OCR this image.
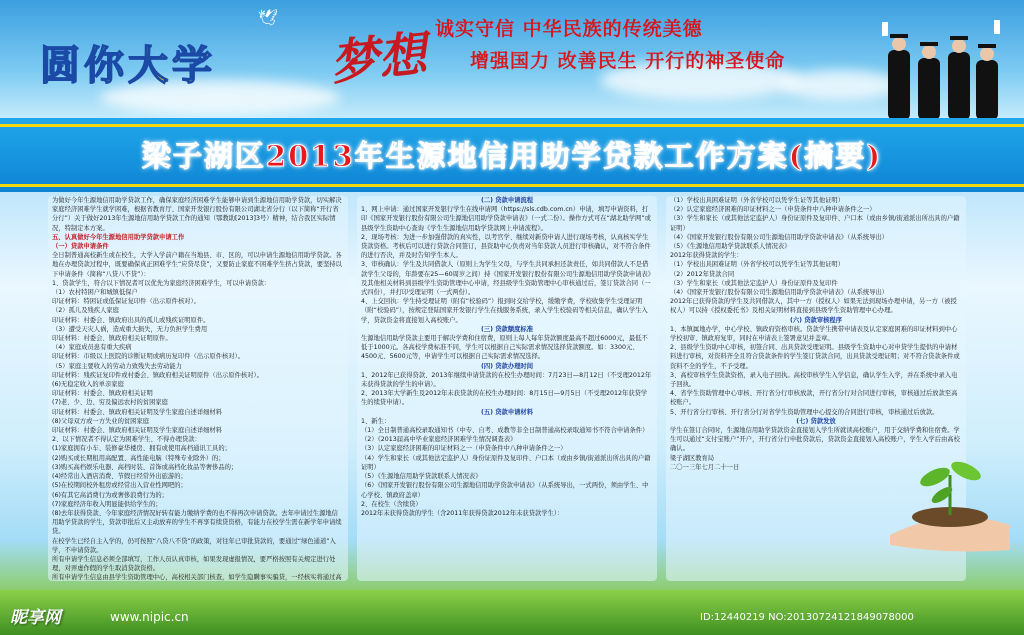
🕊
圆你大学 梦想 诚实守信 中华民族的传统美德
增强国力 改善民生 开行的神圣使命
梁子湖区2013年生源地信用助学贷款工作方案(摘要)

为做好今年生源地信用助学贷款工作，确保家庭经济困难学生能够申请到生源地信用助学贷款，切实解决家庭经济困难学生就学困难，根据省教育厅、国家开发银行股份有限公司湖北省分行（以下简称“开行省分行”）关于做好2013年生源地信用助学贷款工作的通知（鄂教助[2013]3号）精神，结合我区实际情况，特制定本方案。

五、认真做好今年生源地信用助学贷款申请工作

（一）贷款申请条件

全日制普通高校新生或在校生，大学入学前户籍在当地县、市、区的，可以申请生源地信用助学贷款。各地在办理贷款过程中，既要确保真正困难学生“应贷尽贷”，又要防止家庭不困难学生挤占贷款，要坚持以下申请条件（简称“八贷八不贷”）：

1、贷款学生，符合以下情况者可以优先为家庭经济困难学生，可以申请贷款：

（1）农村特困户和城镇低保户

印证材料：特困证或低保证复印件（出示原件核对）。

（2）孤儿及残疾人家庭

印证材料：村委会、镇政府出具的孤儿或残疾证明原件。

（3）遭受天灾人祸，造成重大损失，无力负担学生费用

印证材料：村委会、镇政府相关证明原件。

（4）家庭成员患有重大疾病

印证材料：市级以上医院的诊断证明或病历复印件（出示原件核对）。

（5）家庭主要收入的劳动力致残失去劳动能力

印证材料：残疾证复印件或村委会、镇政府相关证明原件（出示原件核对）。

(6)无稳定收入的单亲家庭

印证材料：村委会、镇政府相关证明

(7)老、少、边、穷及偏远农村的贫困家庭

印证材料：村委会、镇政府相关证明及学生家庭自述详细材料

(8)父母双方或一方失业的贫困家庭

印证材料：村委会、镇政府相关证明及学生家庭自述详细材料

2、以下情况者不得认定为困难学生、不得办理贷款：

(1)家庭拥有小车、装修豪华楼房、拥有或使用高档通讯工具的；

(2)购买或长期租用高配置、高性能电脑（特殊专业除外）的；

(3)购买高档娱乐电器、高档时装、首饰或高档化妆品等奢侈品的；

(4)经常出入酒店消费、节假日经常外出旅游的；

(5)在校期间校外租房或经常出入营业性网吧的；

(6)有其它高消费行为或奢侈浪费行为的；

(7)家庭经济年收入明显能供给学生的；

(8)去年获得贷款、今年家庭经济情况好转有能力缴纳学费的也不得再次申请贷款。去年申请过生源地信用助学贷款的学生，贷款审批后又主动放弃的学生不再享有续贷资格，有能力在校学生需在新学年申请续贷。

在校学生已经自主入学的，仍可按照“八贷八不贷”的政策，对往年已审批贷款的，要通过“绿色通道”入学，不申请贷款。

所有申请学生信息必须全部填写，工作人员认真审核，如果发现虚报情况，要严格按照有关规定进行处理，对弄虚作假的学生取消贷款资格。

所有申请学生信息由县学生资助管理中心，高校相关部门核查，如学生隐瞒事实骗贷，一经核实将通过高

(二) 贷款申请流程

1、网上申请：通过国家开发银行学生在线申请网（https://sls.cdb.com.cn）申请，填写申请资料，打印《国家开发银行股份有限公司生源地信用助学贷款申请表》（一式二份）。操作方式可在“湖北助学网”或县级学生资助中心查询《学生生源地信用助学贷款网上申请流程》。

2、现场考核：为进一步加强借款的真实性，以考官学、继续对新贷申请人进行现场考核，认真核实学生贷款资格。考核后可以进行贷款合同签订，县资助中心负责对当年贷款人员进行审核确认，对不符合条件的进行否决，并及时告知学生本人。

3、审核确认：学生及共同借款人（原则上为学生父母，与学生共同承担还款责任，如共同借款人不是借款学生父母的，年龄要在25—60周岁之间）持《国家开发银行股份有限公司生源地信用助学贷款申请表》及其他相关材料到县级学生资助管理中心申请，经县级学生资助管理中心审核通过后，签订贷款合同（一式四份），并打印受理证明（一式两份）。

4、上交回执：学生持受理证明（附有“校验码”）报到时交给学校，缓缴学费，学校收集学生受理证明（附“校验码”），按规定登陆国家开发银行学生在线服务系统，录入学生校验码等相关信息，确认学生入学，贷款资金将直接划入高校账户。

(三) 贷款额度标准

生源地信用助学贷款主要用于解决学费和住宿费，原则上每人每年贷款额度最高不超过6000元，最低不低于1000元。各高校学费标准不同，学生可以根据自己实际需求情况选择贷款额度。如：3300元、4500元、5600元等，申请学生可以根据自己实际需求情况选择。

(四) 贷款办理时间

1、2012年已获得贷款、2013年继续申请贷款的在校生办理时间：7月23日—8月12日（不受理2012年未获得贷款的学生的申请）。

2、2013年大学新生及2012年未获贷款的在校生办理时间：8月15日—9月5日（不受理2012年获贷学生的续贷申请）。

(五) 贷款申请材料

1、新生：

（1）全日制普通高校录取通知书（中专、自考、成教等非全日制普通高校录取通知书不符合申请条件）

（2）《2013届高中毕业家庭经济困难学生情况调查表》

（3）认定家庭经济困难的印证材料之一（申贷条件中八种申请条件之一）

（4）学生和家长（或其他法定监护人）身份证原件及复印件、户口本（或由乡镇/街道派出所出具的户籍证明）

（5）《生源地信用助学贷款联系人情况表》

（6）《国家开发银行股份有限公司生源地信用助学贷款申请表》（从系统导出，一式两份，须由学生、中心学校、镇政府盖章）

2、在校生（含续贷）

2012年未获得贷款的学生（含2011年获得贷款2012年未获贷款学生）：

（1）学校出具困难证明（外省学校可以凭学生证等其他证明）

（2）认定家庭经济困难的印证材料之一（申贷条件中八种申请条件之一）

（3）学生和家长（或其他法定监护人）身份证原件及复印件、户口本（或由乡镇/街道派出所出具的户籍证明）

（4）《国家开发银行股份有限公司生源地信用助学贷款申请表》（从系统导出）

（5）《生源地信用助学贷款联系人情况表》

2012年获得贷款的学生：

（1）学校出具困难证明（外省学校可以凭学生证等其他证明）

（2）2012年贷款合同

（3）学生和家长（或其他法定监护人）身份证原件及复印件

（4）《国家开发银行股份有限公司生源地信用助学贷款申请表》（从系统导出）

2012年已获得贷款的学生及共同借款人，其中一方（授权人）如果无法到现场办理申请，另一方（被授权人）可以持《授权委托书》及相关证明材料直接到县级学生资助管理中心办理。

(六) 贷款审核程序

1、本镇属地办学，中心学校、镇政府资格审核。贷款学生携带申请表及认定家庭困难的印证材料到中心学校初审、镇政府复审，同时在申请表上签署意见并盖章。

2、县级学生资助中心审核，初签合同、出具贷款受理证明。县级学生资助中心对申贷学生提供的申请材料进行审核，对资料齐全且符合贷款条件的学生签订贷款合同，出具贷款受理证明；对不符合贷款条件或资料不全的学生，不予受理。

3、高校审核学生贷款资格，录入电子回执。高校审核学生入学信息，确认学生入学，并在系统中录入电子回执。

4、省学生资助管理中心审核、开行省分行审核放款，开行省分行对合同进行审核，审核通过后放款至高校账户。

5、开行省分行审核、开行省分行对省学生资助管理中心提交的合同进行审核，审核通过后放款。

(七) 贷款发放

学生在签订合同时，生源地信用助学贷款资金直接划入学生所就读高校账户，用于交纳学费和住宿费。学生可以通过“支付宝账户”开户，开行省分行申批贷款后，贷款资金直接划入高校账户，学生入学后由高校确认。

梁子湖区教育局

二〇一三年七月二十一日

昵享网	www.nipic.cn	ID:12440219 NO:20130724121849078000
